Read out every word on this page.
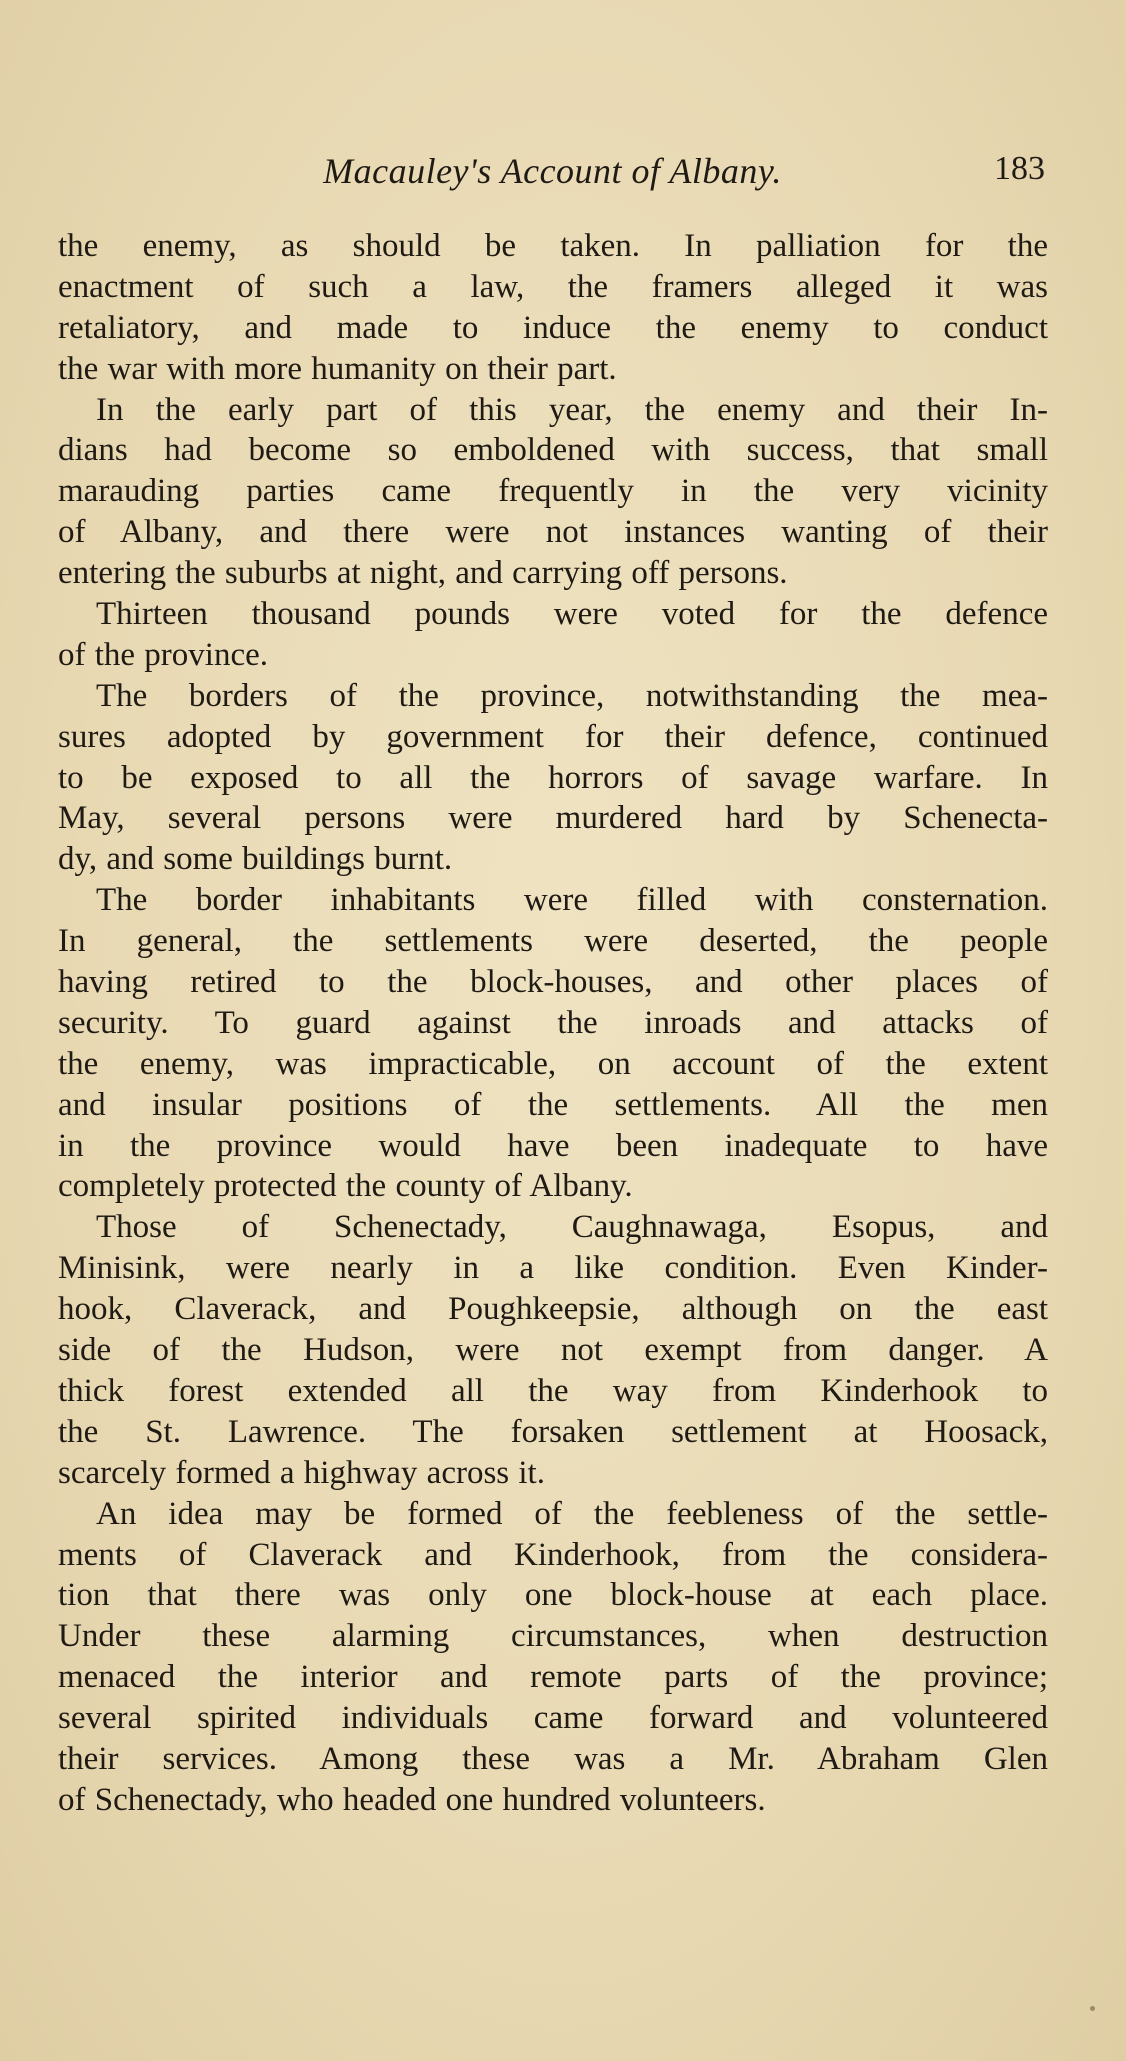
Macauley's Account of Albany.	183
the enemy, as should be taken. In palliation for the
enactment of such a law, the framers alleged it was
retaliatory, and made to induce the enemy to conduct
the war with more humanity on their part.
In the early part of this year, the enemy and their In-
dians had become so emboldened with success, that small
marauding parties came frequently in the very vicinity
of Albany, and there were not instances wanting of their
entering the suburbs at night, and carrying off persons.
Thirteen thousand pounds were voted for the defence
of the province.
The borders of the province, notwithstanding the mea-
sures adopted by government for their defence, continued
to be exposed to all the horrors of savage warfare. In
May, several persons were murdered hard by Schenecta-
dy, and some buildings burnt.
The border inhabitants were filled with consternation.
In general, the settlements were deserted, the people
having retired to the block-houses, and other places of
security. To guard against the inroads and attacks of
the enemy, was impracticable, on account of the extent
and insular positions of the settlements. All the men
in the province would have been inadequate to have
completely protected the county of Albany.
Those of Schenectady, Caughnawaga, Esopus, and
Minisink, were nearly in a like condition. Even Kinder-
hook, Claverack, and Poughkeepsie, although on the east
side of the Hudson, were not exempt from danger. A
thick forest extended all the way from Kinderhook to
the St. Lawrence. The forsaken settlement at Hoosack,
scarcely formed a highway across it.
An idea may be formed of the feebleness of the settle-
ments of Claverack and Kinderhook, from the considera-
tion that there was only one block-house at each place.
Under these alarming circumstances, when destruction
menaced the interior and remote parts of the province;
several spirited individuals came forward and volunteered
their services. Among these was a Mr. Abraham Glen
of Schenectady, who headed one hundred volunteers.
